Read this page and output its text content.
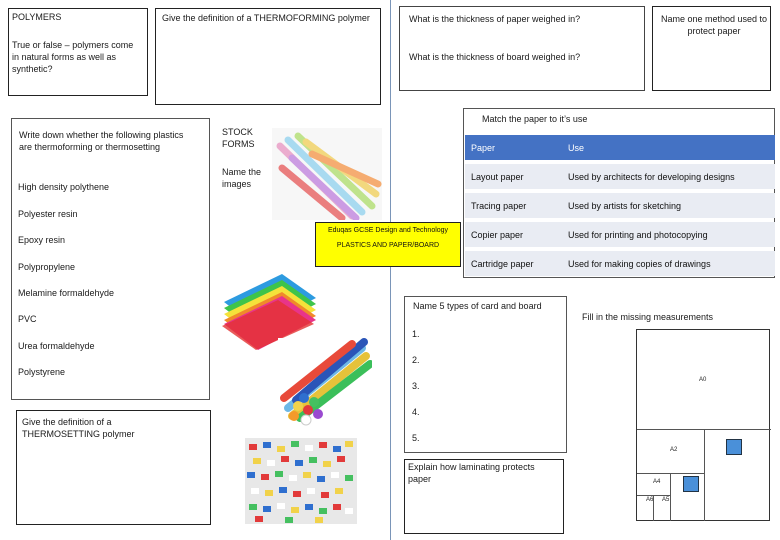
POLYMERS
True or false – polymers come in natural forms as well as synthetic?
Give the definition of a THERMOFORMING polymer	What is the thickness of paper weighed in?
What is the thickness of board weighed in?
Name one method used to protect paper
Match the paper to it’s use
Paper	Use
Layout paper	Used by architects for developing designs
Tracing paper	Used by artists for sketching
Copier paper	Used for printing and photocopying
Cartridge paper	Used for making copies of drawings
Write down whether the following plastics are thermoforming or thermosetting
High density polythene
Polyester resin
Epoxy resin
Polypropylene
Melamine formaldehyde
PVC
Urea formaldehyde
Polystyrene
Give the definition of a THERMOSETTING polymer
STOCK FORMS
Name the images
Eduqas GCSE Design and Technology
PLASTICS AND PAPER/BOARD
Name 5 types of card and board
1.
2.
3.
4.
5.
Explain how laminating protects paper
Fill in the missing measurements
A0
A2
A4
A6 A5
